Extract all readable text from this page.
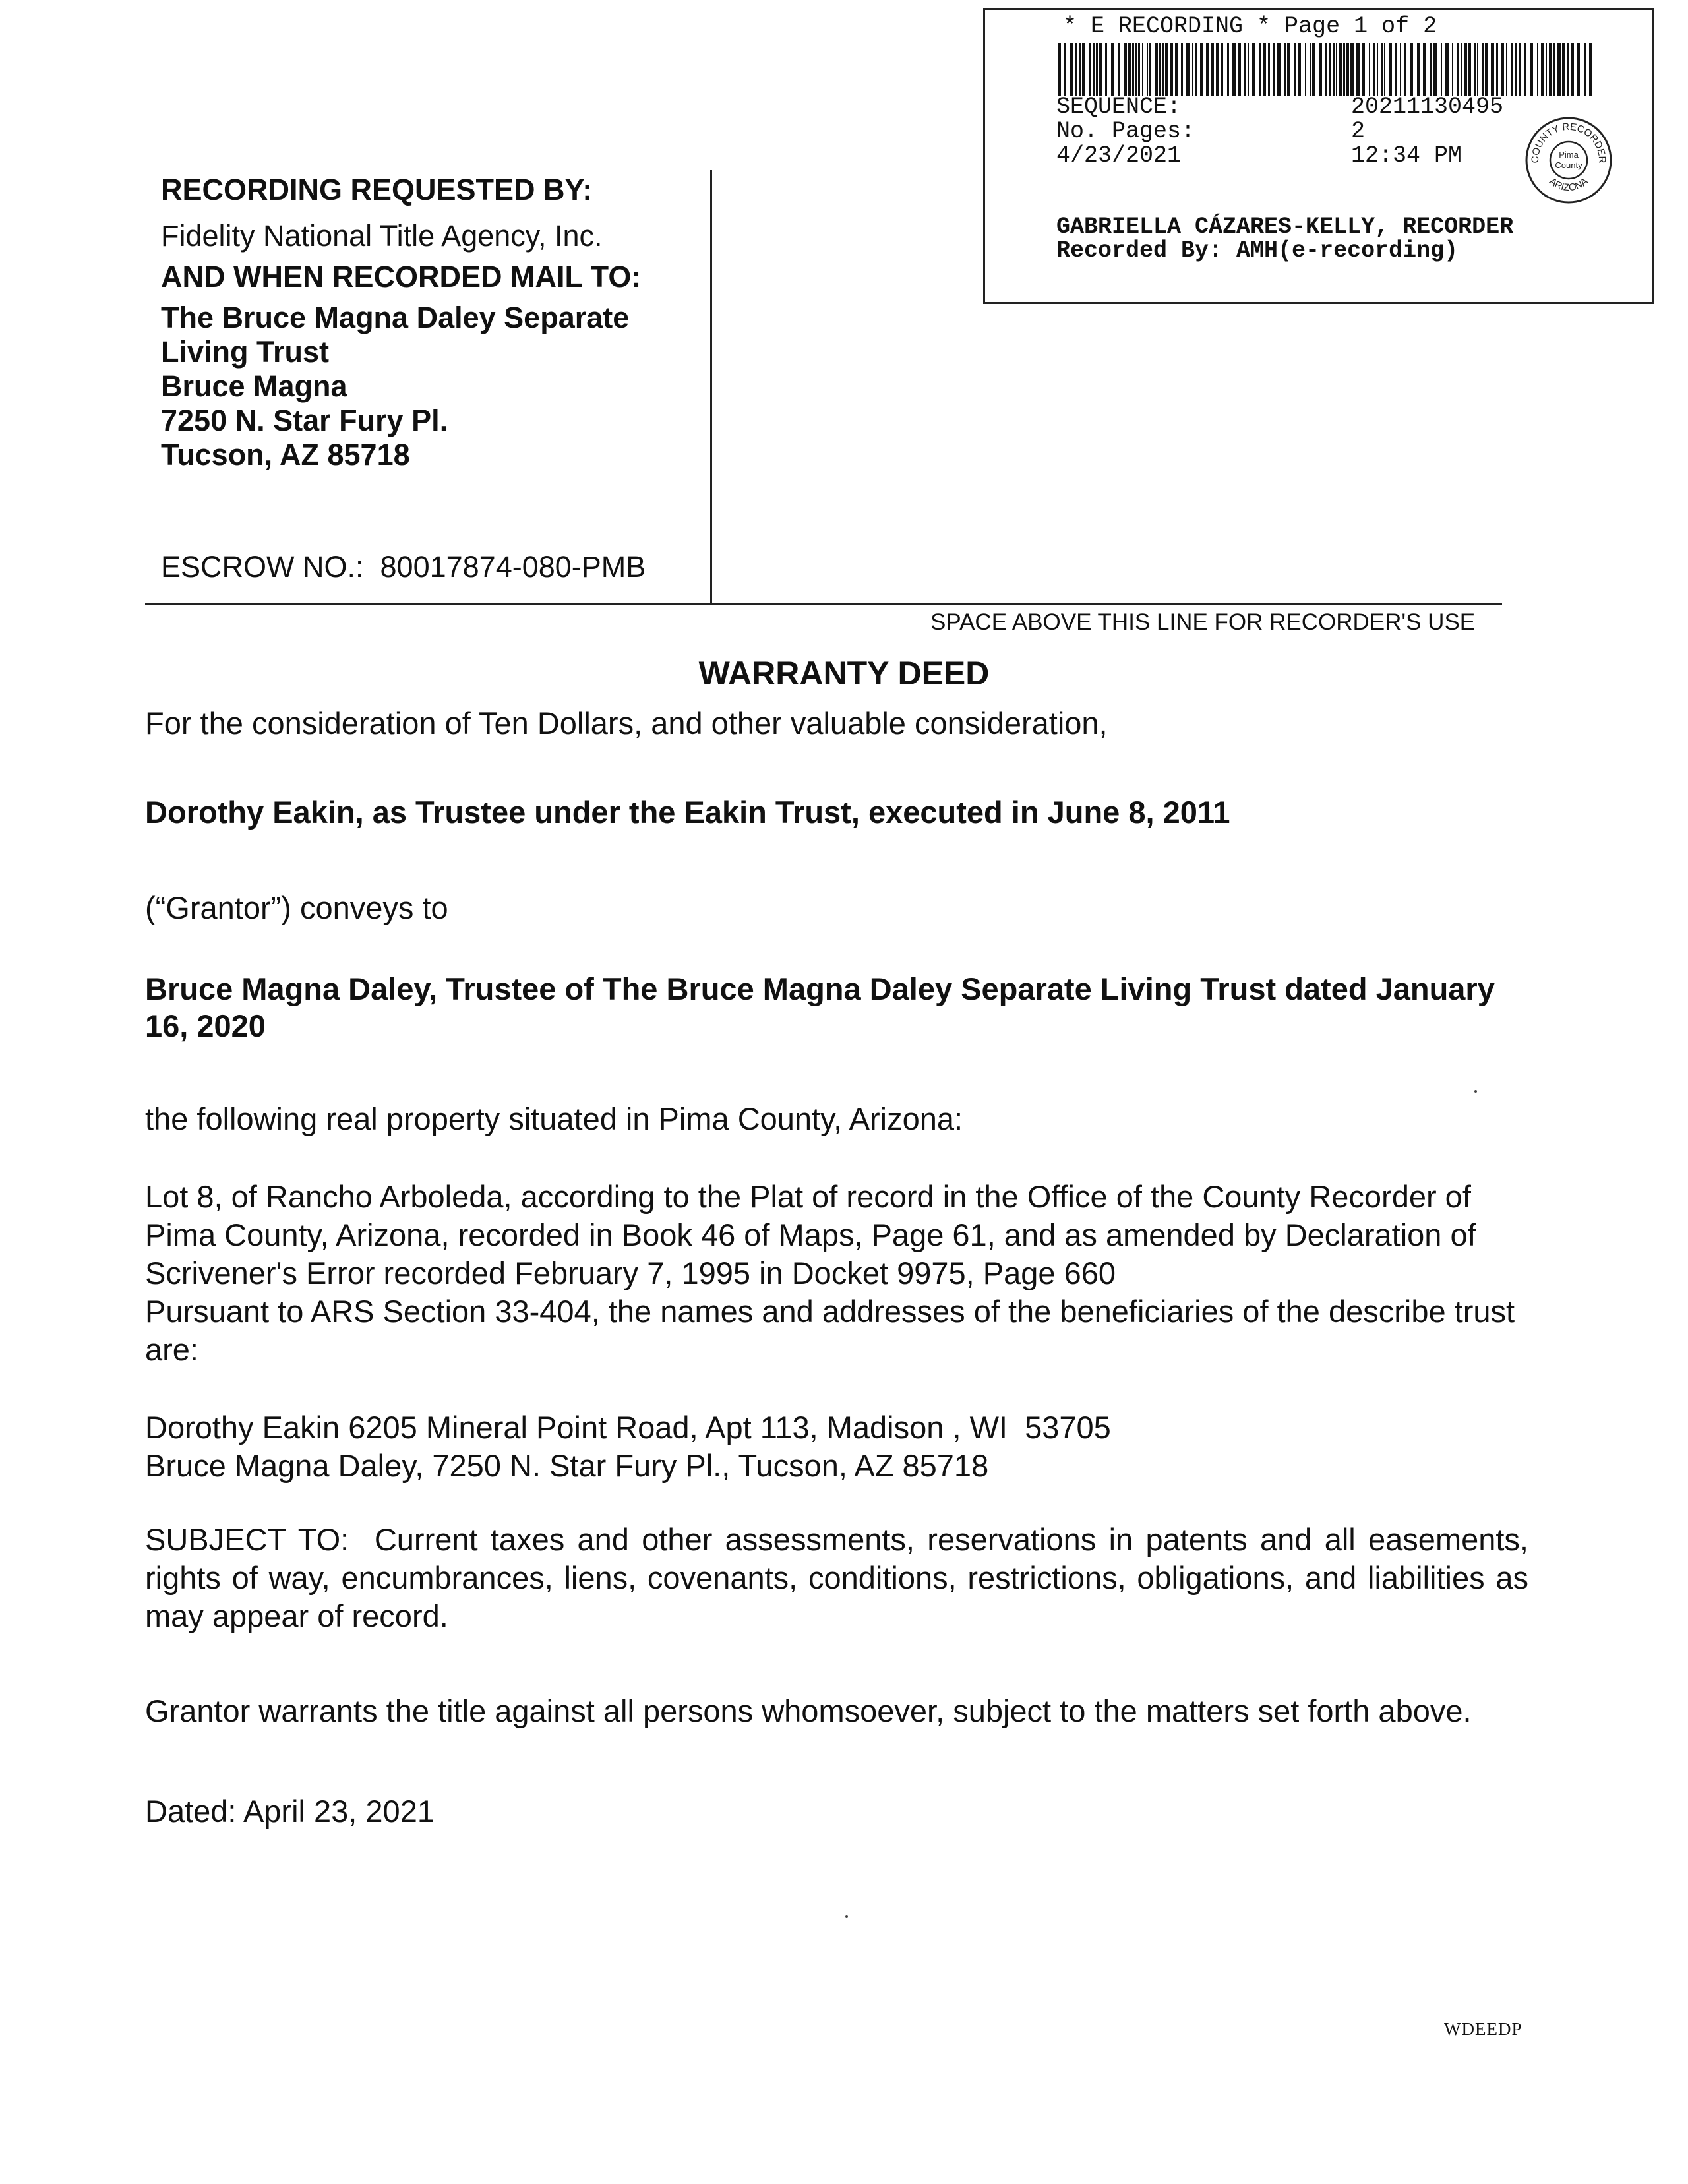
* E RECORDING * Page 1 of 2
SEQUENCE:	20211130495
No. Pages:	2
4/23/2021	12:34 PM	COUNTY RECORDER
ARIZONA
Pima
County
GABRIELLA CÁZARES-KELLY, RECORDER
Recorded By: AMH(e-recording)
RECORDING REQUESTED BY:
Fidelity National Title Agency, Inc.
AND WHEN RECORDED MAIL TO:
The Bruce Magna Daley Separate
Living Trust
Bruce Magna
7250 N. Star Fury Pl.
Tucson, AZ 85718
ESCROW NO.:  80017874-080-PMB
SPACE ABOVE THIS LINE FOR RECORDER'S USE
WARRANTY DEED
For the consideration of Ten Dollars, and other valuable consideration,
Dorothy Eakin, as Trustee under the Eakin Trust, executed in June 8, 2011
(“Grantor”) conveys to
Bruce Magna Daley, Trustee of The Bruce Magna Daley Separate Living Trust dated January 16, 2020
the following real property situated in Pima County, Arizona:
Lot 8, of Rancho Arboleda, according to the Plat of record in the Office of the County Recorder of Pima County, Arizona, recorded in Book 46 of Maps, Page 61, and as amended by Declaration of Scrivener's Error recorded February 7, 1995 in Docket 9975, Page 660
Pursuant to ARS Section 33-404, the names and addresses of the beneficiaries of the describe trust are:
Dorothy Eakin 6205 Mineral Point Road, Apt 113, Madison , WI  53705
Bruce Magna Daley, 7250 N. Star Fury Pl., Tucson, AZ 85718
SUBJECT TO:  Current taxes and other assessments, reservations in patents and all easements, rights of way, encumbrances, liens, covenants, conditions, restrictions, obligations, and liabilities as may appear of record.
Grantor warrants the title against all persons whomsoever, subject to the matters set forth above.
Dated: April 23, 2021
WDEEDP
